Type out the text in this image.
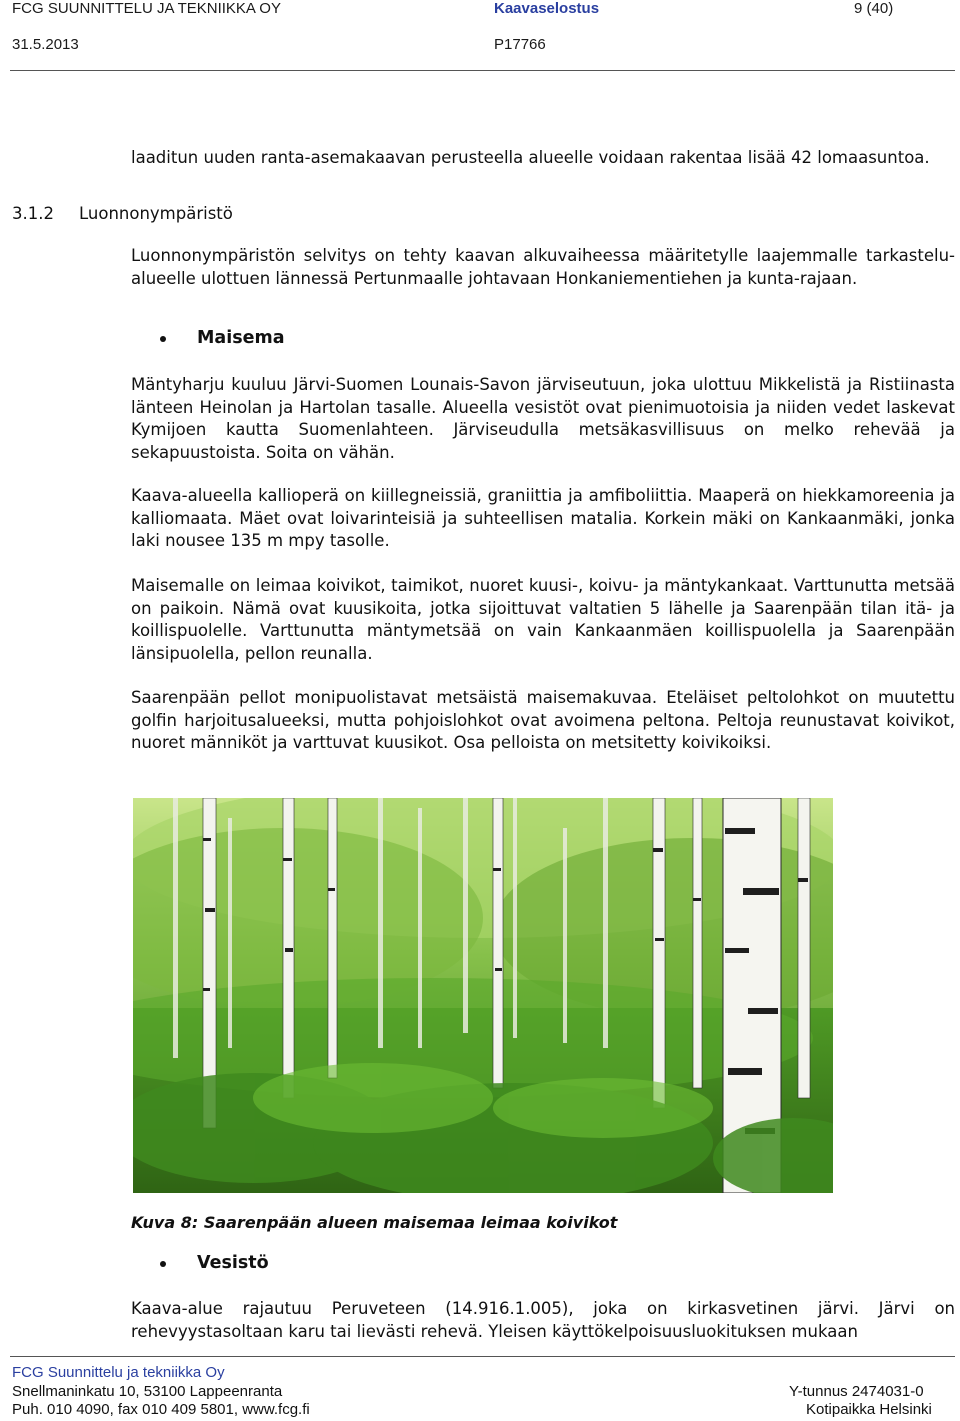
FCG SUUNNITTELU JA TEKNIIKKA OY	Kaavaselostus	9 (40)
31.5.2013	P17766
laaditun uuden ranta-asemakaavan perusteella alueelle voidaan rakentaa lisää 42 lomaasuntoa.
3.1.2 Luonnonympäristö
Luonnonympäristön selvitys on tehty kaavan alkuvaiheessa määritetylle laajemmalle tarkastelu-alueelle ulottuen lännessä Pertunmaalle johtavaan Honkaniementiehen ja kunta-rajaan.
Maisema
Mäntyharju kuuluu Järvi-Suomen Lounais-Savon järviseutuun, joka ulottuu Mikkelistä ja Ristiinasta länteen Heinolan ja Hartolan tasalle. Alueella vesistöt ovat pienimuotoisia ja niiden vedet laskevat Kymijoen kautta Suomenlahteen. Järviseudulla metsäkasvillisuus on melko rehevää ja sekapuustoista. Soita on vähän.
Kaava-alueella kallioperä on kiillegneissiä, graniittia ja amfiboliittia. Maaperä on hiekkamoreenia ja kalliomaata. Mäet ovat loivarinteisiä ja suhteellisen matalia. Korkein mäki on Kankaanmäki, jonka laki nousee 135 m mpy tasolle.
Maisemalle on leimaa koivikot, taimikot, nuoret kuusi-, koivu- ja mäntykankaat. Varttunutta metsää on paikoin. Nämä ovat kuusikoita, jotka sijoittuvat valtatien 5 lähelle ja Saarenpään tilan itä- ja koillispuolelle. Varttunutta mäntymetsää on vain Kankaanmäen koillispuolella ja Saarenpään länsipuolella, pellon reunalla.
Saarenpään pellot monipuolistavat metsäistä maisemakuvaa. Eteläiset peltolohkot on muutettu golfin harjoitusalueeksi, mutta pohjoislohkot ovat avoimena peltona. Peltoja reunustavat koivikot, nuoret männiköt ja varttuvat kuusikot. Osa pelloista on metsitetty koivikoiksi.
Kuva 8: Saarenpään alueen maisemaa leimaa koivikot
Vesistö
Kaava-alue rajautuu Peruveteen (14.916.1.005), joka on kirkasvetinen järvi. Järvi on rehevyystasoltaan karu tai lievästi rehevä. Yleisen käyttökelpoisuusluokituksen mukaan
FCG Suunnittelu ja tekniikka Oy
Snellmaninkatu 10, 53100 Lappeenranta
Puh. 010 4090, fax 010 409 5801, www.fcg.fi
Y-tunnus 2474031-0
Kotipaikka Helsinki
